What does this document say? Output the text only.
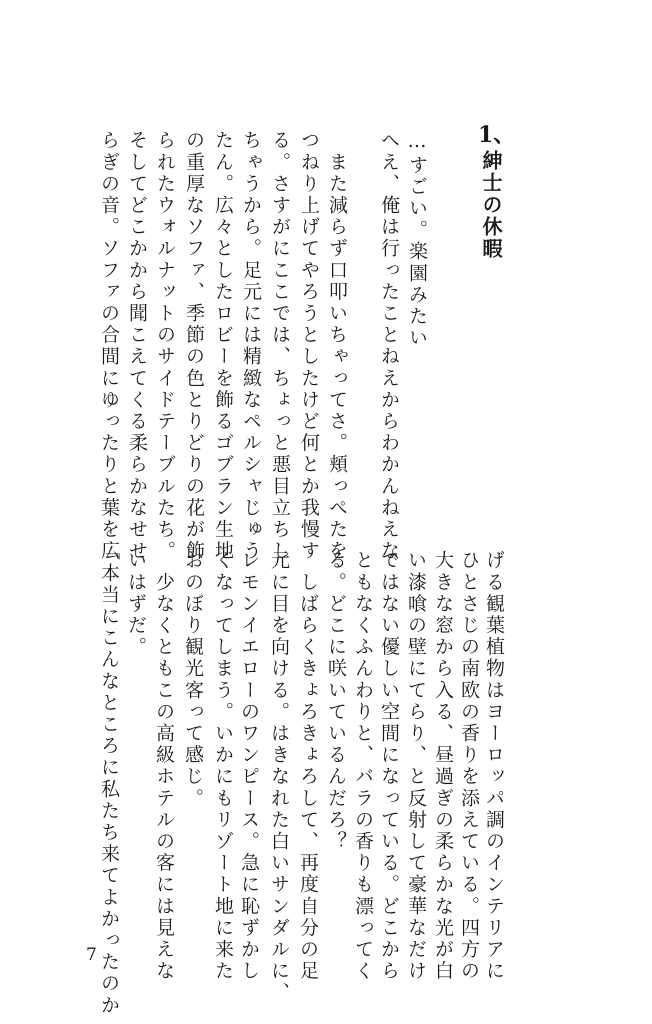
1、
紳士の休暇
…すごい。楽園みたい
へえ、俺は行ったことねえからわかんねえな
　また減らず口叩いちゃってさ。頬っぺたを
つねり上げてやろうとしたけど何とか我慢す
る。さすがにここでは、ちょっと悪目立ちし
ちゃうから。足元には精緻なペルシャじゅう
たん。広々としたロビーを飾るゴブラン生地
の重厚なソファ、季節の色とりどりの花が飾
られたウォルナットのサイドテーブルたち。
そしてどこかから聞こえてくる柔らかなせせ
らぎの音。ソファの合間にゆったりと葉を広
げる観葉植物はヨーロッパ調のインテリアに
ひとさじの南欧の香りを添えている。四方の
大きな窓から入る、昼過ぎの柔らかな光が白
い漆喰の壁にてらり、と反射して豪華なだけ
ではない優しい空間になっている。どこから
ともなくふんわりと、バラの香りも漂ってく
る。どこに咲いているんだろ？
　しばらくきょろきょろして、再度自分の足
元に目を向ける。はきなれた白いサンダルに、
レモンイエローのワンピース。急に恥ずかし
くなってしまう。いかにもリゾート地に来た
おのぼり観光客って感じ。
　少なくともこの高級ホテルの客には見えな
いはずだ。
「本当にこんなところに私たち来てよかったのか
7
